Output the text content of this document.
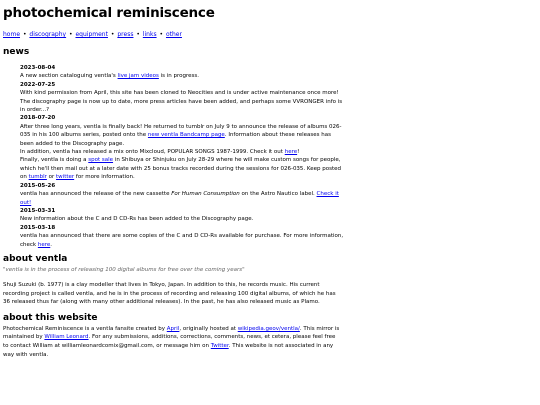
photochemical reminiscence
home • discography • equipment • press • links • other
news
2023-08-04
A new section cataloguing ventla's live jam videos is in progress.
2022-07-25
With kind permission from April, this site has been cloned to Neocities and is under active maintenance once more! The discography page is now up to date, more press articles have been added, and perhaps some VVRONGER info is in order...?
2018-07-20
After three long years, ventla is finally back! He returned to tumblr on July 9 to announce the release of albums 026-035 in his 100 albums series, posted onto the new ventla Bandcamp page. Information about these releases has been added to the Discography page.
In addition, ventla has released a mix onto Mixcloud, POPULAR SONGS 1987-1999. Check it out here!
Finally, ventla is doing a spot sale in Shibuya or Shinjuku on July 28-29 where he will make custom songs for people, which he'll then mail out at a later date with 25 bonus tracks recorded during the sessions for 026-035. Keep posted on tumblr or twitter for more information.
2015-05-26
ventla has announced the release of the new cassette For Human Consumption on the Astro Nautico label. Check it out!
2015-03-31
New information about the C and D CD-Rs has been added to the Discography page.
2015-03-18
ventla has announced that there are some copies of the C and D CD-Rs available for purchase. For more information, check here.
about ventla
"ventla is in the process of releasing 100 digital albums for free over the coming years"

Shuji Suzuki (b. 1977) is a clay modeller that lives in Tokyo, Japan. In addition to this, he records music. His current recording project is called ventla, and he is in the process of recording and releasing 100 digital albums, of which he has 36 released thus far (along with many other additional releases). In the past, he has also released music as Plamo.

about this website

Photochemical Reminiscence is a ventla fansite created by April, originally hosted at wikipedia.geov/ventla/. This mirror is maintained by William Leonard. For any submissions, additions, corrections, comments, news, et cetera, please feel free to contact William at williamleonardcomix@gmail.com, or message him on Twitter. This website is not associated in any way with ventla.
